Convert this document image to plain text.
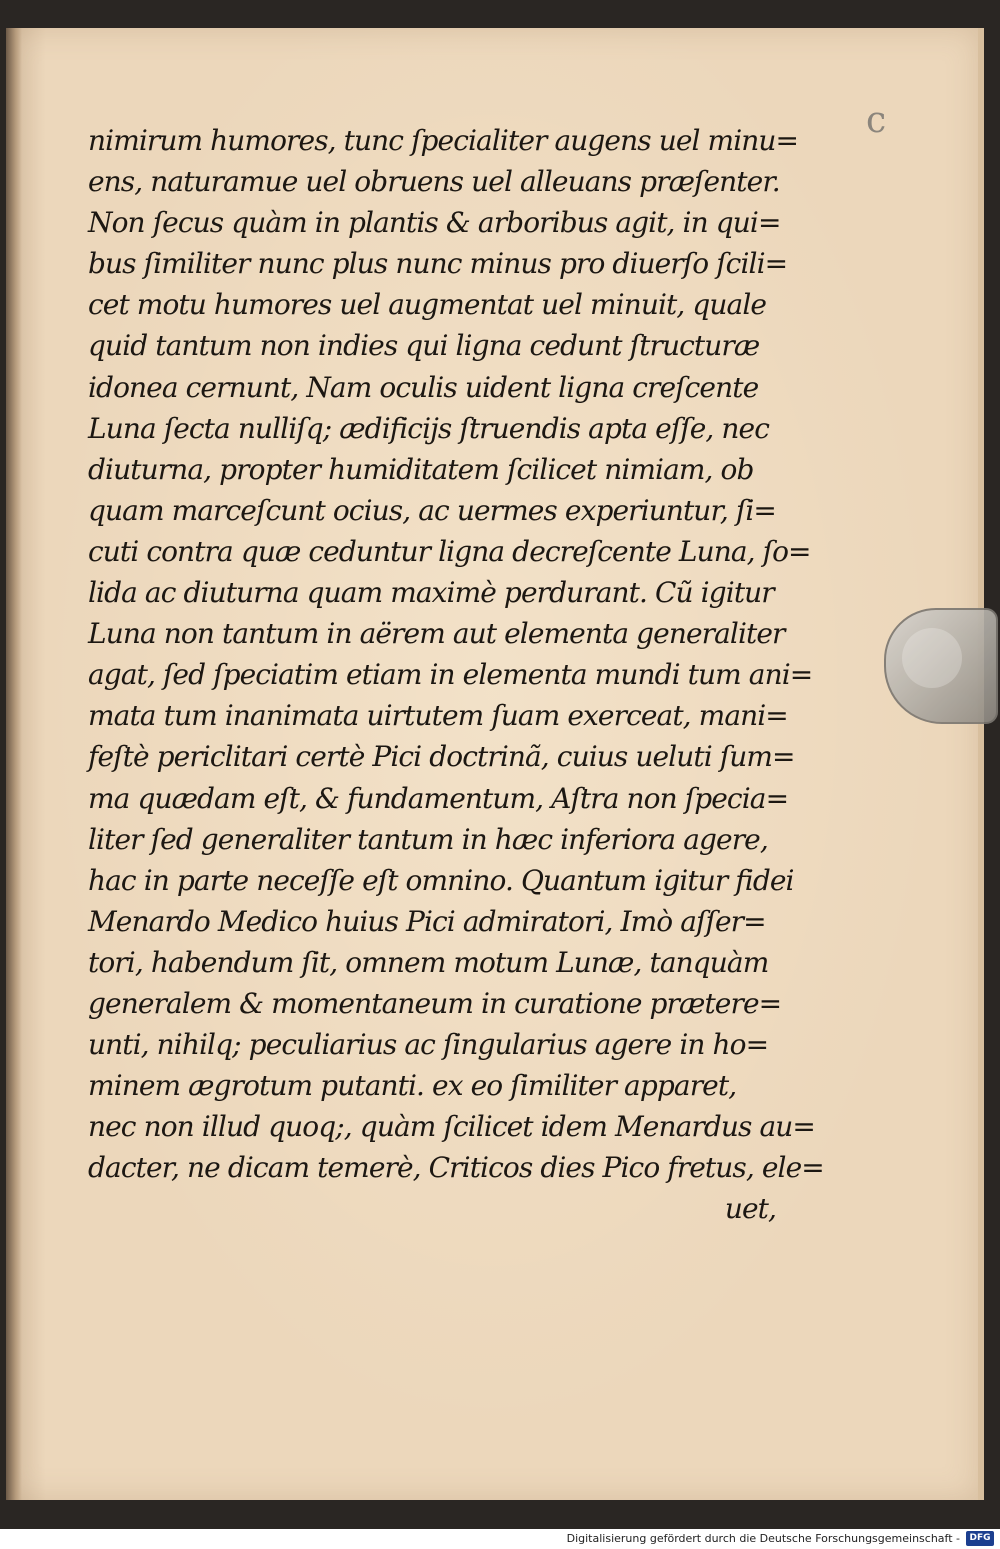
c
nimirum humores, tunc ſpecialiter augens uel minu=
ens, naturamue uel obruens uel alleuans præſenter.
Non ſecus quàm in plantis & arboribus agit, in qui=
bus ſimiliter nunc plus nunc minus pro diuerſo ſcili=
cet motu humores uel augmentat uel minuit, quale
quid tantum non indies qui ligna cedunt ſtructuræ
idonea cernunt, Nam oculis uident ligna creſcente
Luna ſecta nulliſq; ædificijs ſtruendis apta eſſe, nec
diuturna, propter humiditatem ſcilicet nimiam, ob
quam marceſcunt ocius, ac uermes experiuntur, ſi=
cuti contra quæ ceduntur ligna decreſcente Luna, ſo=
lida ac diuturna quam maximè perdurant. Cũ igitur
Luna non tantum in aërem aut elementa generaliter
agat, ſed ſpeciatim etiam in elementa mundi tum ani=
mata tum inanimata uirtutem ſuam exerceat, mani=
feſtè periclitari certè Pici doctrinã, cuius ueluti ſum=
ma quædam eſt, & fundamentum, Aſtra non ſpecia=
liter ſed generaliter tantum in hæc inferiora agere,
hac in parte neceſſe eſt omnino. Quantum igitur fidei
Menardo Medico huius Pici admiratori, Imò aſſer=
tori, habendum ſit, omnem motum Lunæ, tanquàm
generalem & momentaneum in curatione prætere=
unti, nihilq; peculiarius ac ſingularius agere in ho=
minem ægrotum putanti. ex eo ſimiliter apparet,
nec non illud quoq;, quàm ſcilicet idem Menardus au=
dacter, ne dicam temerè, Criticos dies Pico fretus, ele=
uet,
Digitalisierung gefördert durch die Deutsche Forschungsgemeinschaft -	DFG
